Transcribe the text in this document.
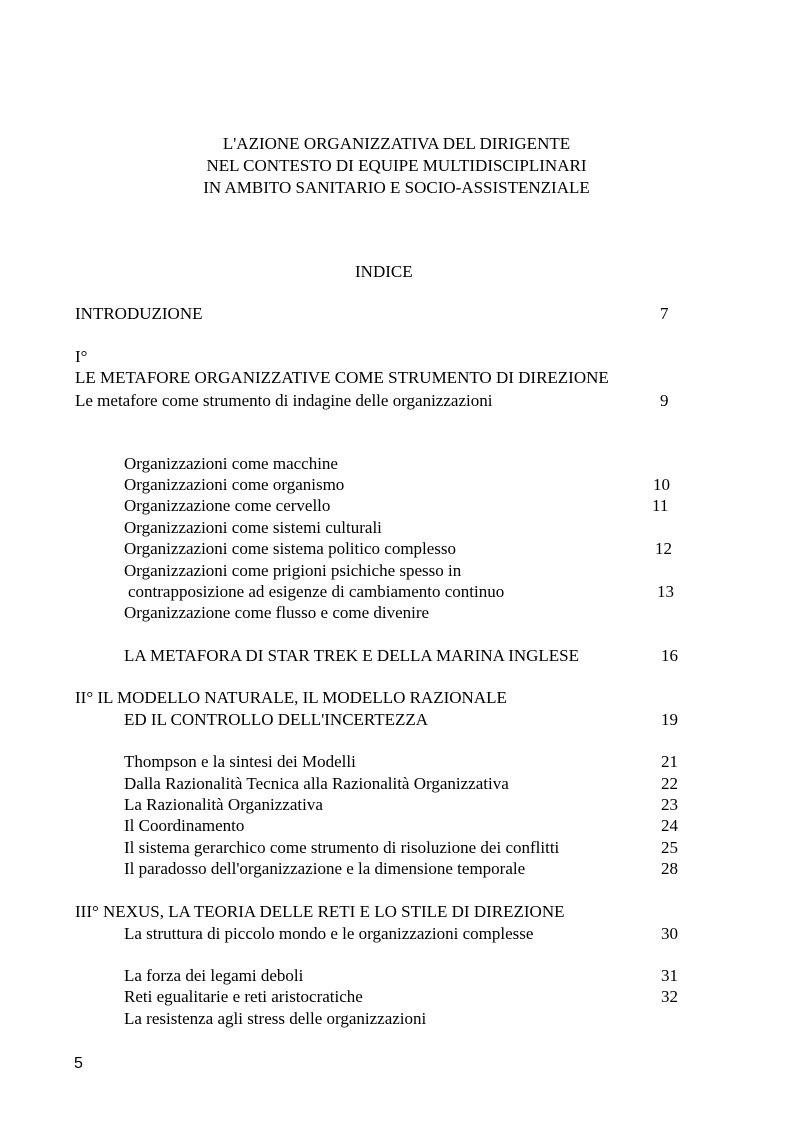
L'AZIONE ORGANIZZATIVA DEL DIRIGENTE
NEL CONTESTO DI EQUIPE MULTIDISCIPLINARI
IN AMBITO SANITARIO E SOCIO-ASSISTENZIALE
INDICE
INTRODUZIONE	7
I°
LE METAFORE ORGANIZZATIVE COME STRUMENTO DI DIREZIONE
Le metafore come strumento di indagine delle organizzazioni	9
Organizzazioni come macchine
Organizzazioni come organismo	10
Organizzazione come cervello	11
Organizzazioni come sistemi culturali
Organizzazioni come sistema politico complesso	12
Organizzazioni come prigioni psichiche spesso in
contrapposizione ad esigenze di cambiamento continuo	13
Organizzazione come flusso e come divenire
LA METAFORA DI STAR TREK E DELLA MARINA INGLESE	16
II° IL MODELLO NATURALE, IL MODELLO RAZIONALE
ED IL CONTROLLO DELL'INCERTEZZA	19
Thompson e la sintesi dei Modelli	21
Dalla Razionalità Tecnica alla Razionalità Organizzativa	22
La Razionalità Organizzativa	23
Il Coordinamento	24
Il sistema gerarchico come strumento di risoluzione dei conflitti	25
Il paradosso dell'organizzazione e la dimensione temporale	28
III° NEXUS, LA TEORIA DELLE RETI E LO STILE DI DIREZIONE
La struttura di piccolo mondo e le organizzazioni complesse	30
La forza dei legami deboli	31
Reti egualitarie e reti aristocratiche	32
La resistenza agli stress delle organizzazioni
5
